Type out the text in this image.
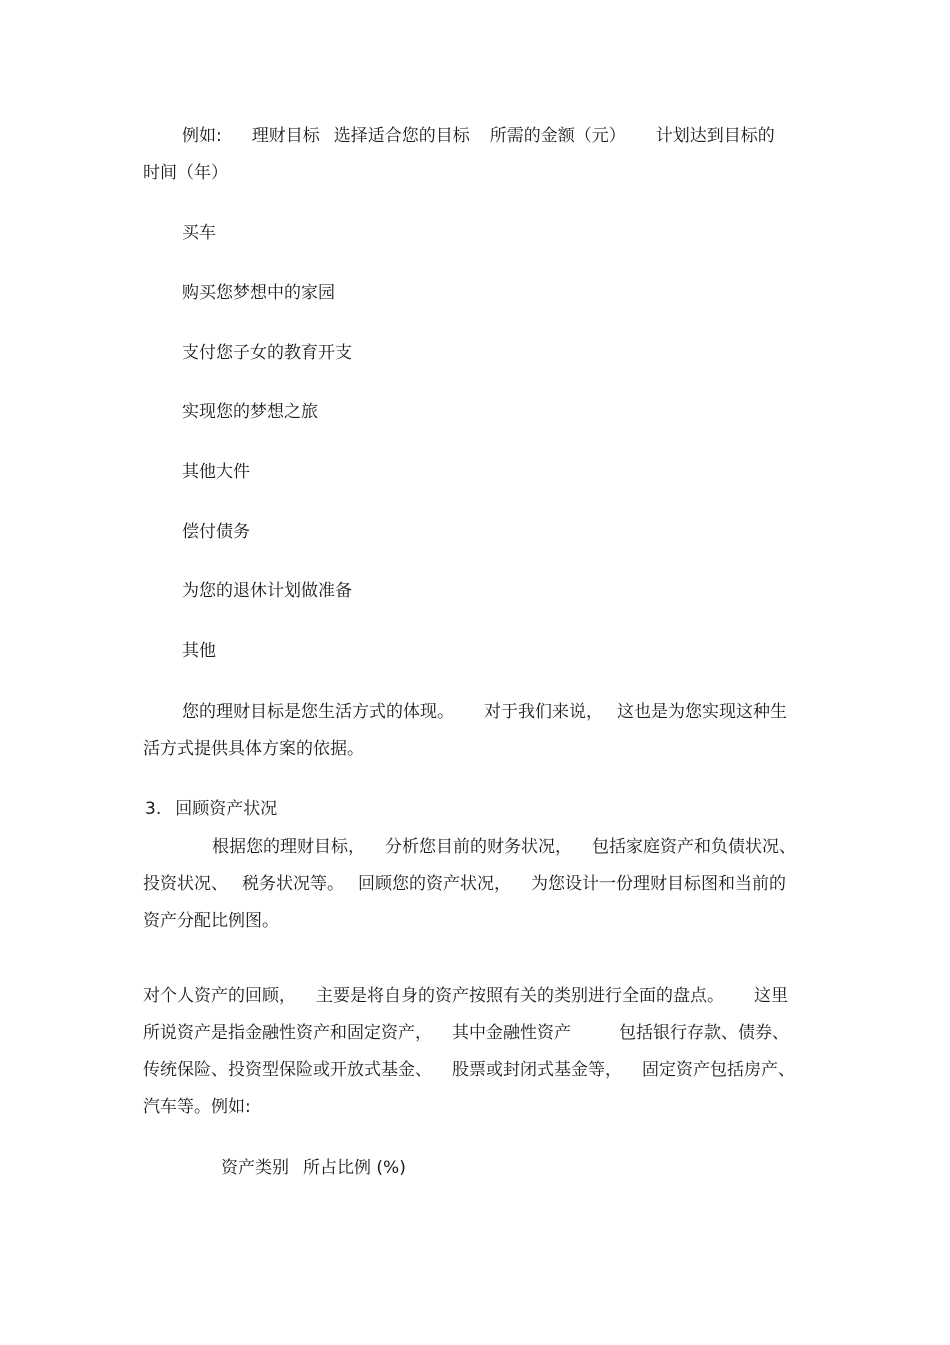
例如: 理财目标 选择适合您的目标 所需的金额（元） 计划达到目标的

时间（年）

买车

购买您梦想中的家园

支付您子女的教育开支

实现您的梦想之旅

其他大件

偿付债务

为您的退休计划做准备

其他

您的理财目标是您生活方式的体现。 对于我们来说， 这也是为您实现这种生

活方式提供具体方案的依据。

3. 回顾资产状况

根据您的理财目标， 分析您目前的财务状况， 包括家庭资产和负债状况、

投资状况、 税务状况等。 回顾您的资产状况， 为您设计一份理财目标图和当前的

资产分配比例图。

对个人资产的回顾， 主要是将自身的资产按照有关的类别进行全面的盘点。 这里

所说资产是指金融性资产和固定资产， 其中金融性资产	包括银行存款、债券、

传统保险、投资型保险或开放式基金、 股票或封闭式基金等， 固定资产包括房产、

汽车等。例如:

资产类别 所占比例 (%)
